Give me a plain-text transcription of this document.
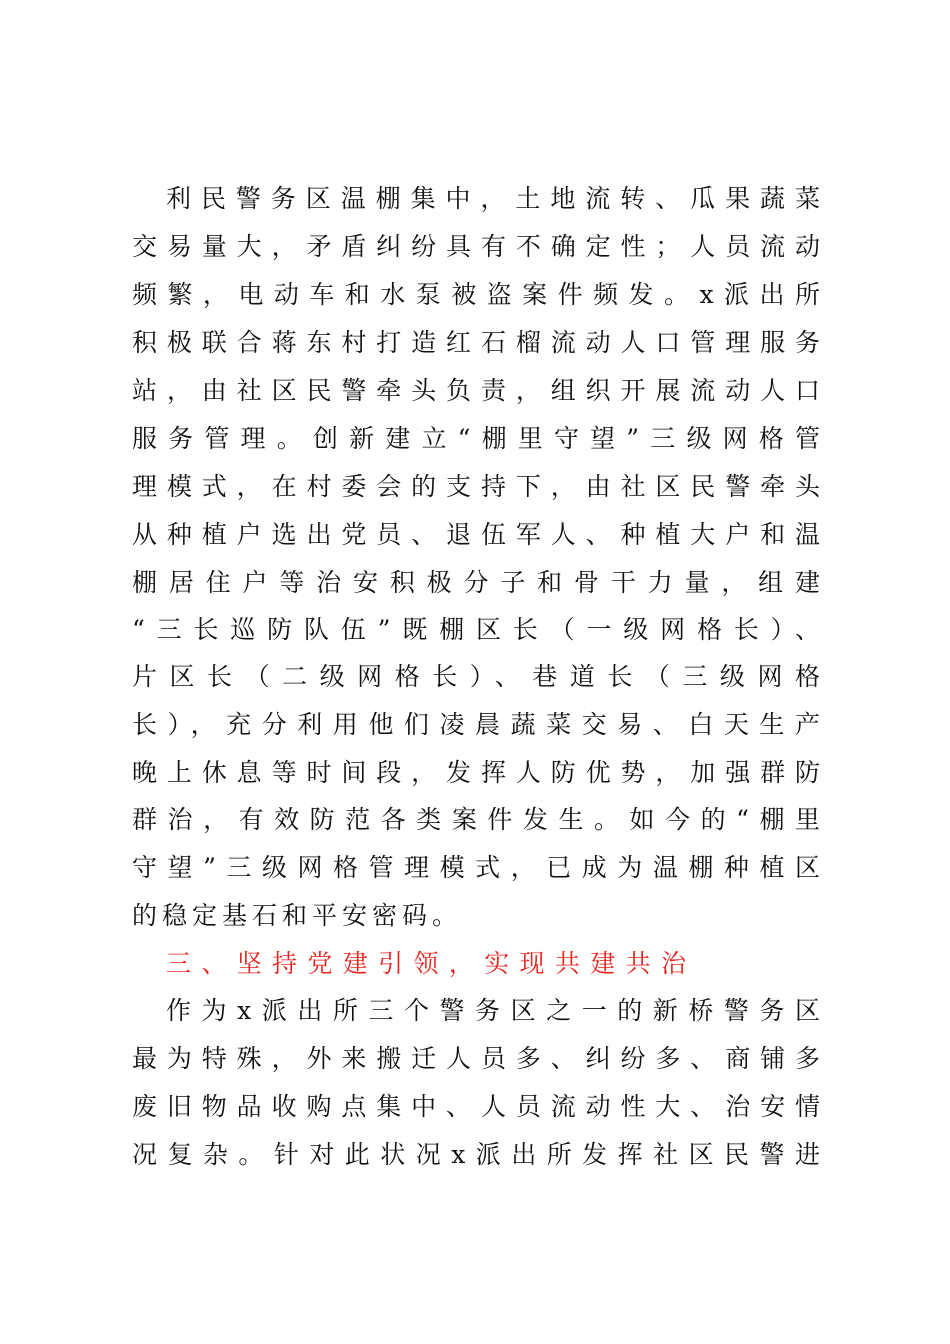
利民警务区温棚集中，土地流转、瓜果蔬菜
交易量大，矛盾纠纷具有不确定性；人员流动
频繁，电动车和水泵被盗案件频发。x派出所
积极联合蒋东村打造红石榴流动人口管理服务
站，由社区民警牵头负责，组织开展流动人口
服务管理。创新建立“棚里守望”三级网格管
理模式，在村委会的支持下，由社区民警牵头
从种植户选出党员、退伍军人、种植大户和温
棚居住户等治安积极分子和骨干力量，组建
“三长巡防队伍”既棚区长（一级网格长）、
片区长（二级网格长）、巷道长（三级网格
长），充分利用他们凌晨蔬菜交易、白天生产
晚上休息等时间段，发挥人防优势，加强群防
群治，有效防范各类案件发生。如今的“棚里
守望”三级网格管理模式，已成为温棚种植区
的稳定基石和平安密码。
三、坚持党建引领，实现共建共治
作为x派出所三个警务区之一的新桥警务区
最为特殊，外来搬迁人员多、纠纷多、商铺多
废旧物品收购点集中、人员流动性大、治安情
况复杂。针对此状况x派出所发挥社区民警进
